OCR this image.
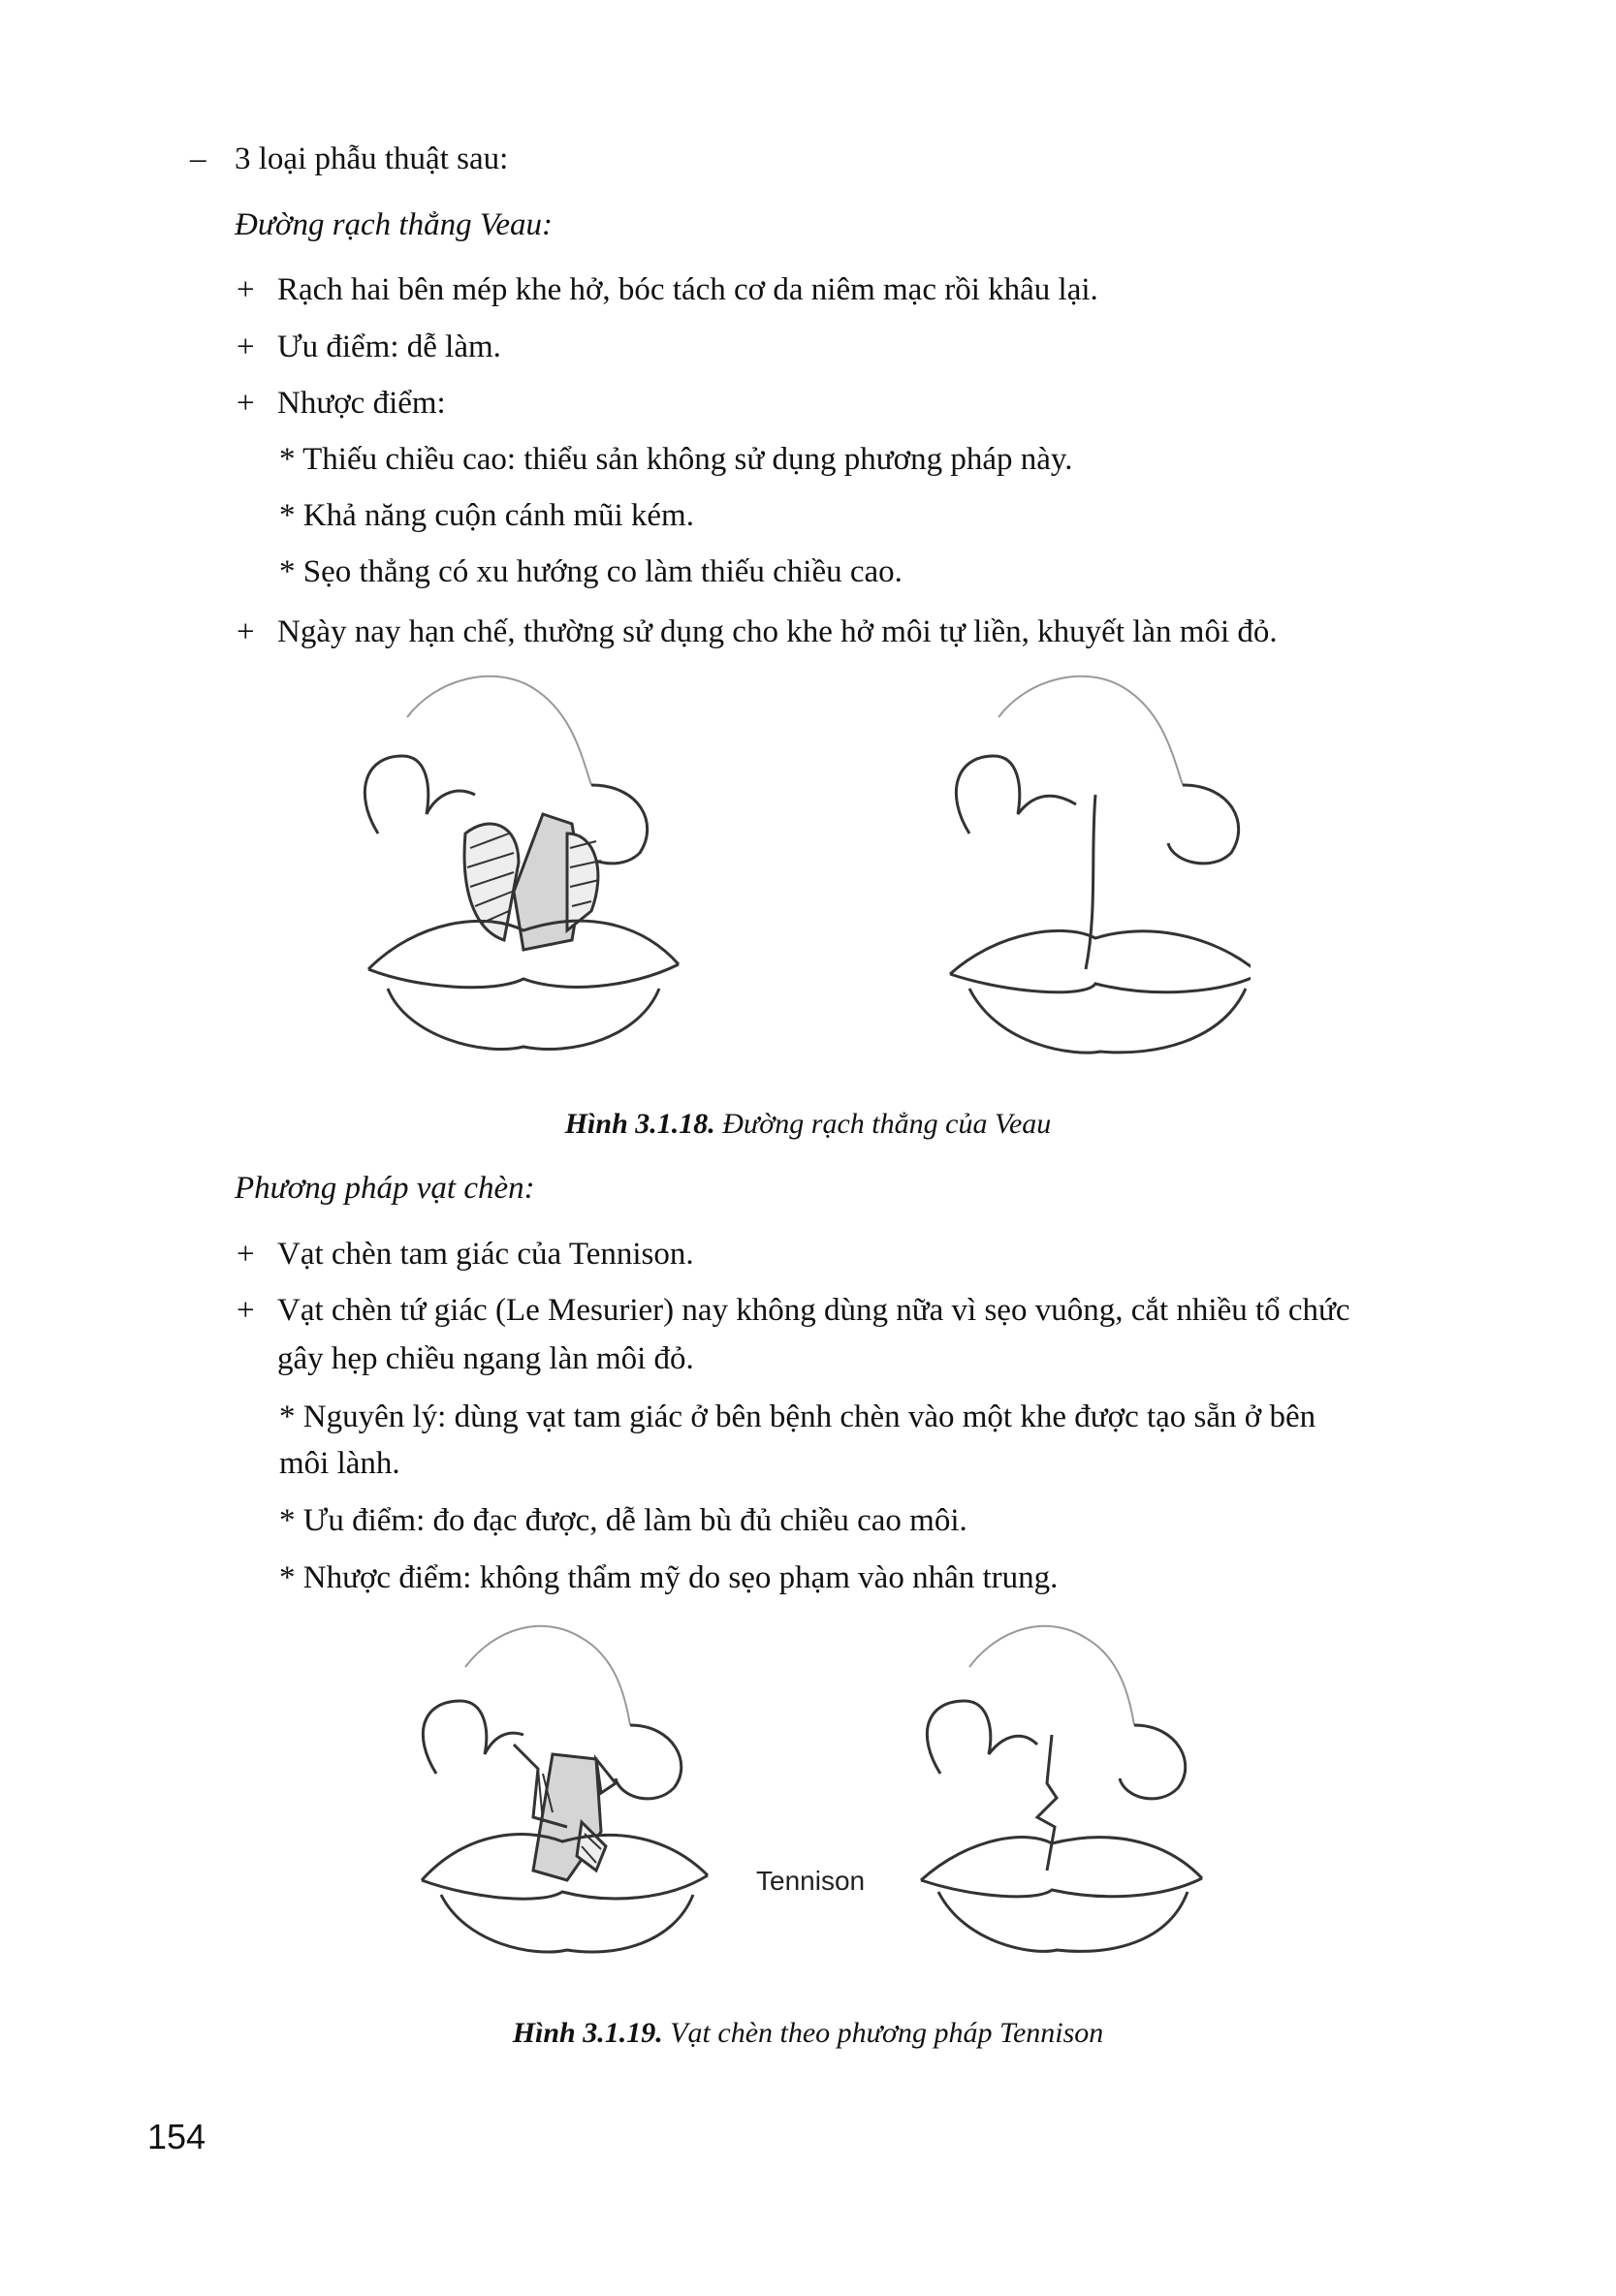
– 3 loại phẫu thuật sau:
Đường rạch thẳng Veau:
+ Rạch hai bên mép khe hở, bóc tách cơ da niêm mạc rồi khâu lại.
+ Ưu điểm: dễ làm.
+ Nhược điểm:
* Thiếu chiều cao: thiểu sản không sử dụng phương pháp này.
* Khả năng cuộn cánh mũi kém.
* Sẹo thẳng có xu hướng co làm thiếu chiều cao.
+ Ngày nay hạn chế, thường sử dụng cho khe hở môi tự liền, khuyết làn môi đỏ.
Hình 3.1.18. Đường rạch thẳng của Veau
Phương pháp vạt chèn:
+ Vạt chèn tam giác của Tennison.
+ Vạt chèn tứ giác (Le Mesurier) nay không dùng nữa vì sẹo vuông, cắt nhiều tổ chức
gây hẹp chiều ngang làn môi đỏ.
* Nguyên lý: dùng vạt tam giác ở bên bệnh chèn vào một khe được tạo sẵn ở bên
môi lành.
* Ưu điểm: đo đạc được, dễ làm bù đủ chiều cao môi.
* Nhược điểm: không thẩm mỹ do sẹo phạm vào nhân trung.
Tennison
Hình 3.1.19. Vạt chèn theo phương pháp Tennison
154
